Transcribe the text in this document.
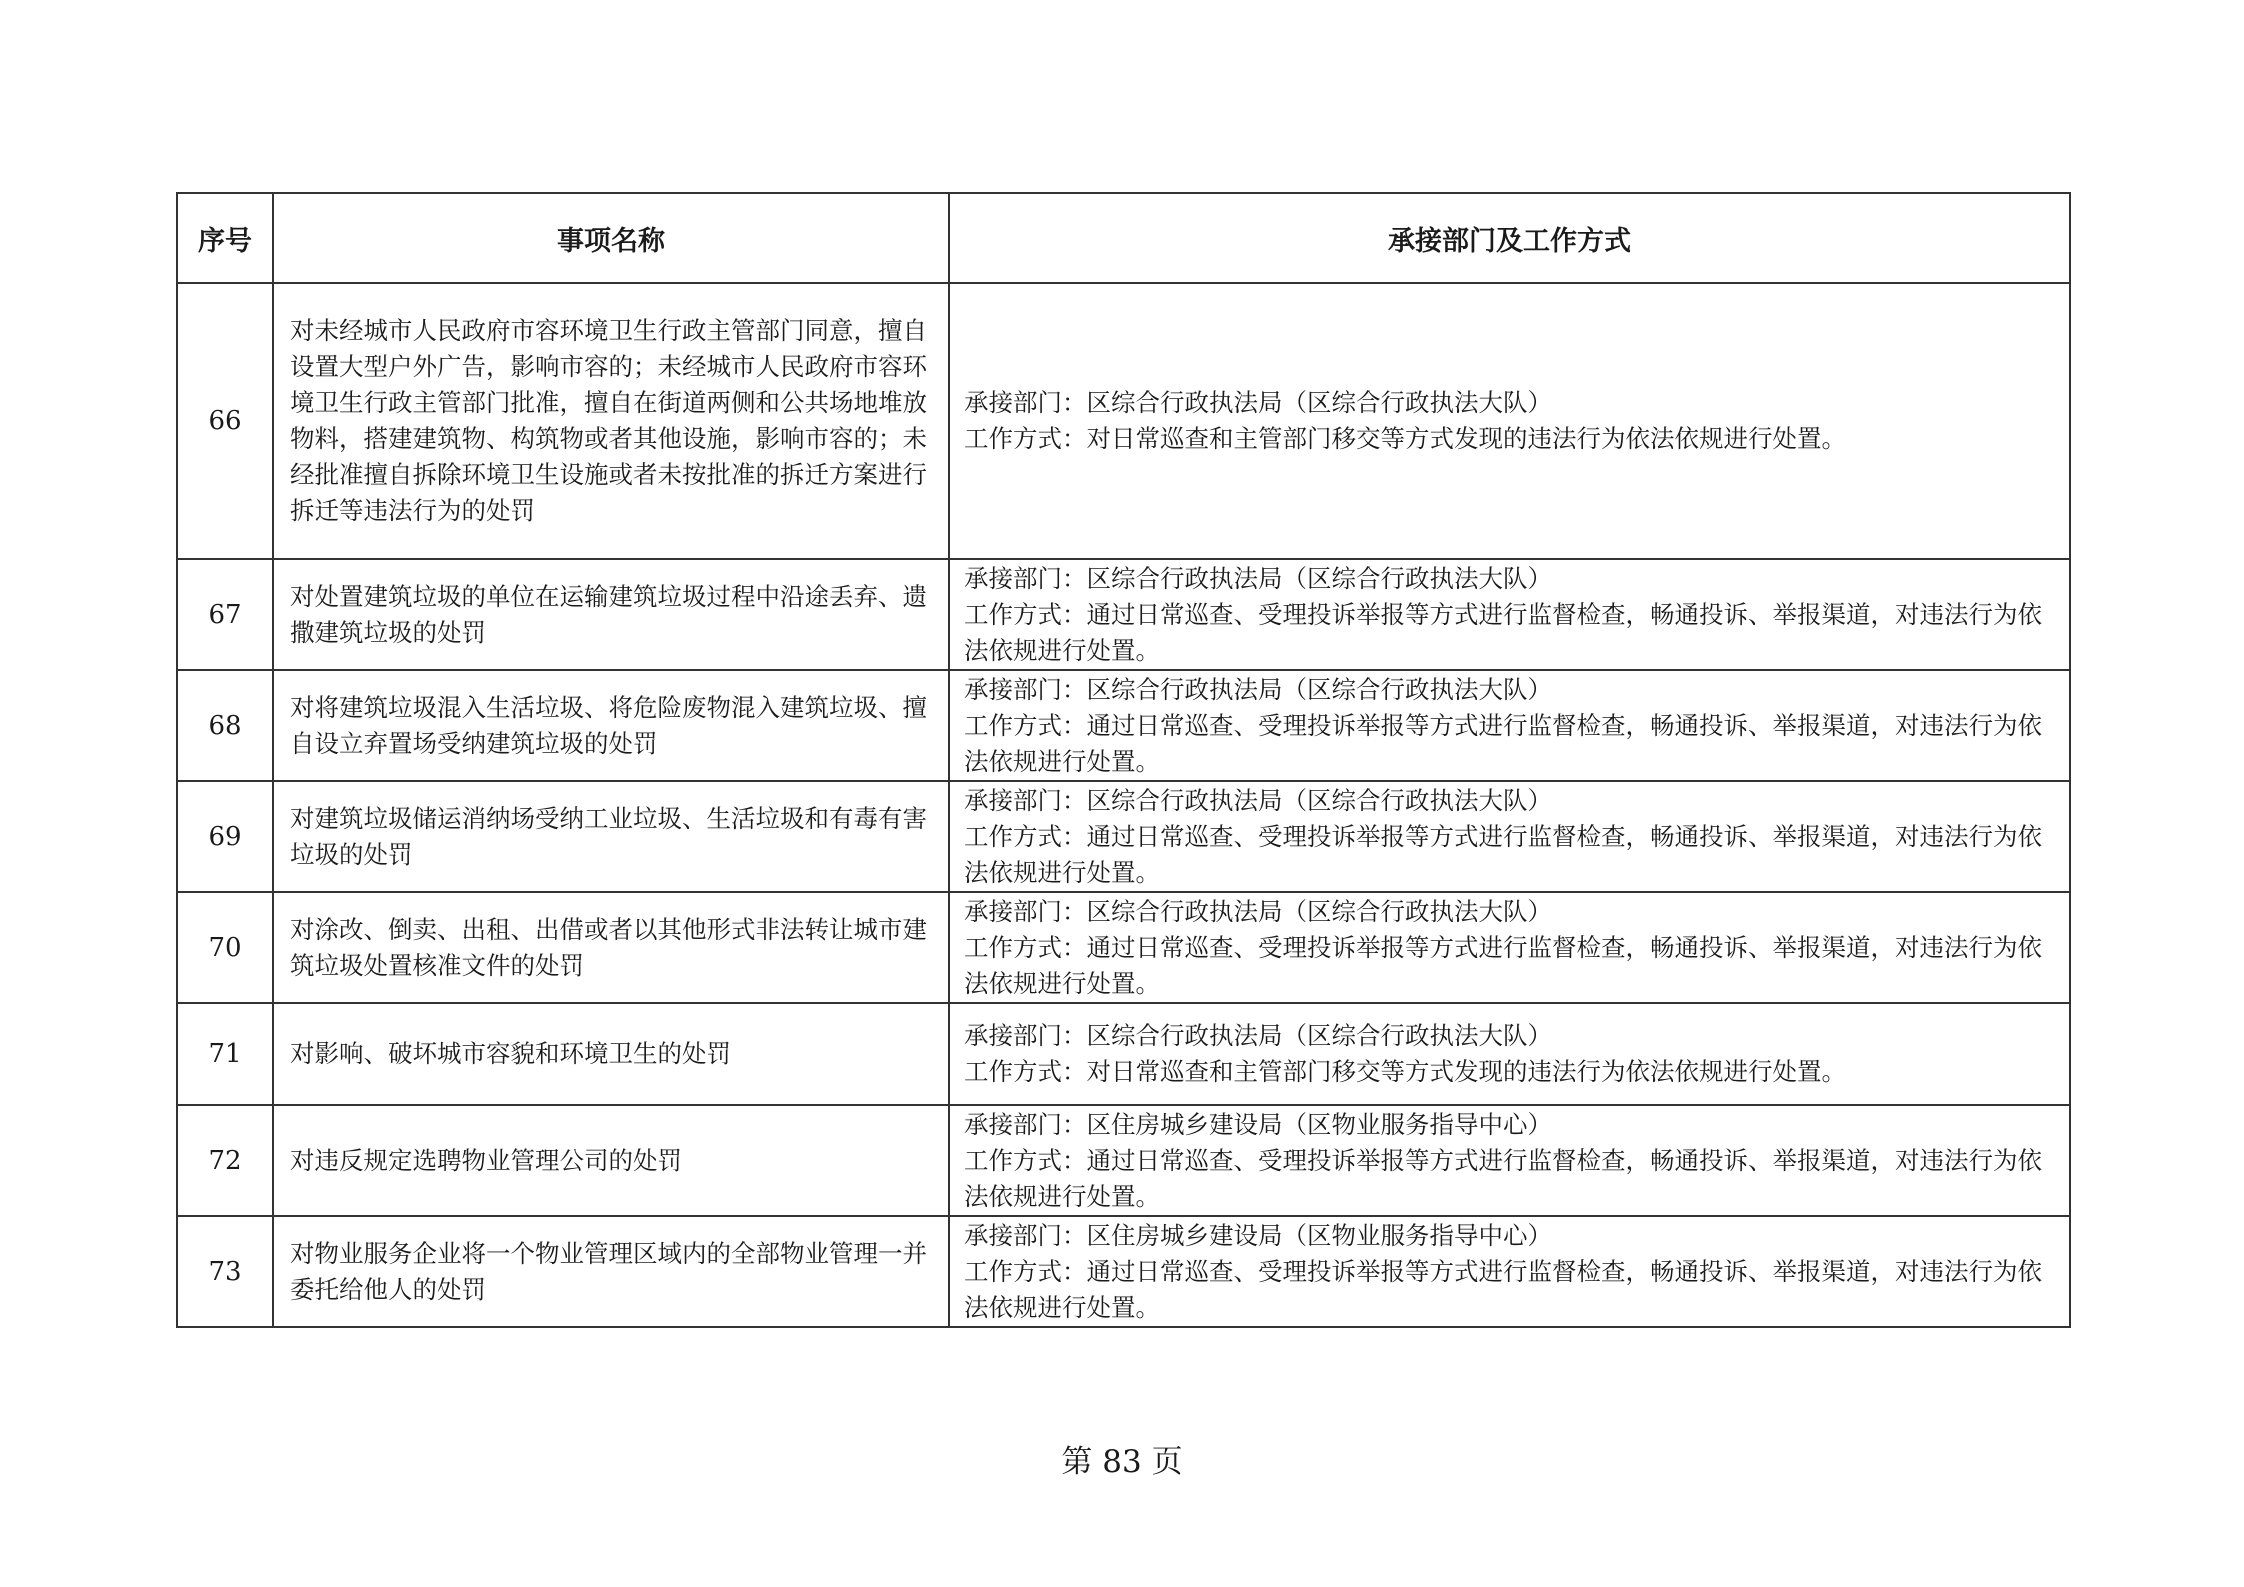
序号	事项名称	承接部门及工作方式
66	对未经城市人民政府市容环境卫生行政主管部门同意，擅自设置大型户外广告，影响市容的；未经城市人民政府市容环境卫生行政主管部门批准，擅自在街道两侧和公共场地堆放物料，搭建建筑物、构筑物或者其他设施，影响市容的；未经批准擅自拆除环境卫生设施或者未按批准的拆迁方案进行拆迁等违法行为的处罚	承接部门：区综合行政执法局（区综合行政执法大队）
工作方式：对日常巡查和主管部门移交等方式发现的违法行为依法依规进行处置。

67	对处置建筑垃圾的单位在运输建筑垃圾过程中沿途丢弃、遗撒建筑垃圾的处罚	承接部门：区综合行政执法局（区综合行政执法大队）
工作方式：通过日常巡查、受理投诉举报等方式进行监督检查，畅通投诉、举报渠道，对违法行为依法依规进行处置。

68	对将建筑垃圾混入生活垃圾、将危险废物混入建筑垃圾、擅自设立弃置场受纳建筑垃圾的处罚	承接部门：区综合行政执法局（区综合行政执法大队）
工作方式：通过日常巡查、受理投诉举报等方式进行监督检查，畅通投诉、举报渠道，对违法行为依法依规进行处置。

69	对建筑垃圾储运消纳场受纳工业垃圾、生活垃圾和有毒有害垃圾的处罚	承接部门：区综合行政执法局（区综合行政执法大队）
工作方式：通过日常巡查、受理投诉举报等方式进行监督检查，畅通投诉、举报渠道，对违法行为依法依规进行处置。

70	对涂改、倒卖、出租、出借或者以其他形式非法转让城市建筑垃圾处置核准文件的处罚	承接部门：区综合行政执法局（区综合行政执法大队）
工作方式：通过日常巡查、受理投诉举报等方式进行监督检查，畅通投诉、举报渠道，对违法行为依法依规进行处置。

71	对影响、破坏城市容貌和环境卫生的处罚	承接部门：区综合行政执法局（区综合行政执法大队）
工作方式：对日常巡查和主管部门移交等方式发现的违法行为依法依规进行处置。

72	对违反规定选聘物业管理公司的处罚	承接部门：区住房城乡建设局（区物业服务指导中心）
工作方式：通过日常巡查、受理投诉举报等方式进行监督检查，畅通投诉、举报渠道，对违法行为依法依规进行处置。

73	对物业服务企业将一个物业管理区域内的全部物业管理一并委托给他人的处罚	承接部门：区住房城乡建设局（区物业服务指导中心）
工作方式：通过日常巡查、受理投诉举报等方式进行监督检查，畅通投诉、举报渠道，对违法行为依法依规进行处置。
第 83 页
